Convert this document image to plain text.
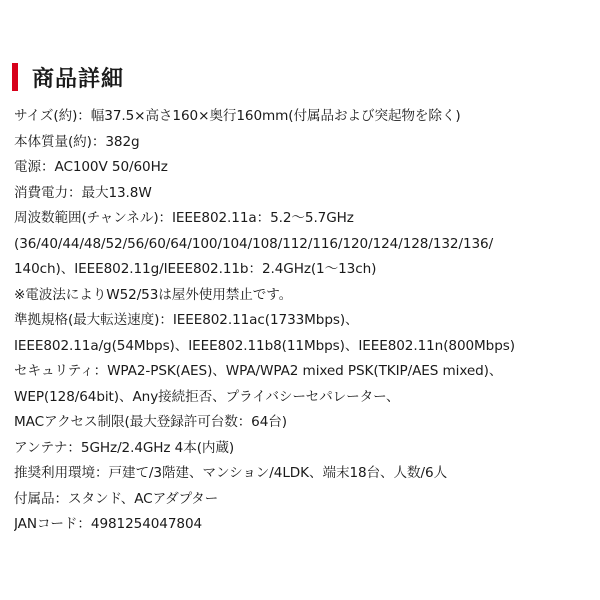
商品詳細
サイズ(約)：幅37.5×高さ160×奥行160mm(付属品および突起物を除く)
本体質量(約)：382g
電源：AC100V 50/60Hz
消費電力：最大13.8W
周波数範囲(チャンネル)：IEEE802.11a：5.2〜5.7GHz
(36/40/44/48/52/56/60/64/100/104/108/112/116/120/124/128/132/136/
140ch)、IEEE802.11g/IEEE802.11b：2.4GHz(1〜13ch)
※電波法によりW52/53は屋外使用禁止です。
準拠規格(最大転送速度)：IEEE802.11ac(1733Mbps)、
IEEE802.11a/g(54Mbps)、IEEE802.11b8(11Mbps)、IEEE802.11n(800Mbps)
セキュリティ：WPA2-PSK(AES)、WPA/WPA2 mixed PSK(TKIP/AES mixed)、
WEP(128/64bit)、Any接続拒否、プライバシーセパレーター、
MACアクセス制限(最大登録許可台数：64台)
アンテナ：5GHz/2.4GHz 4本(内蔵)
推奨利用環境：戸建て/3階建、マンション/4LDK、端末18台、人数/6人
付属品：スタンド、ACアダプター
JANコード：4981254047804
